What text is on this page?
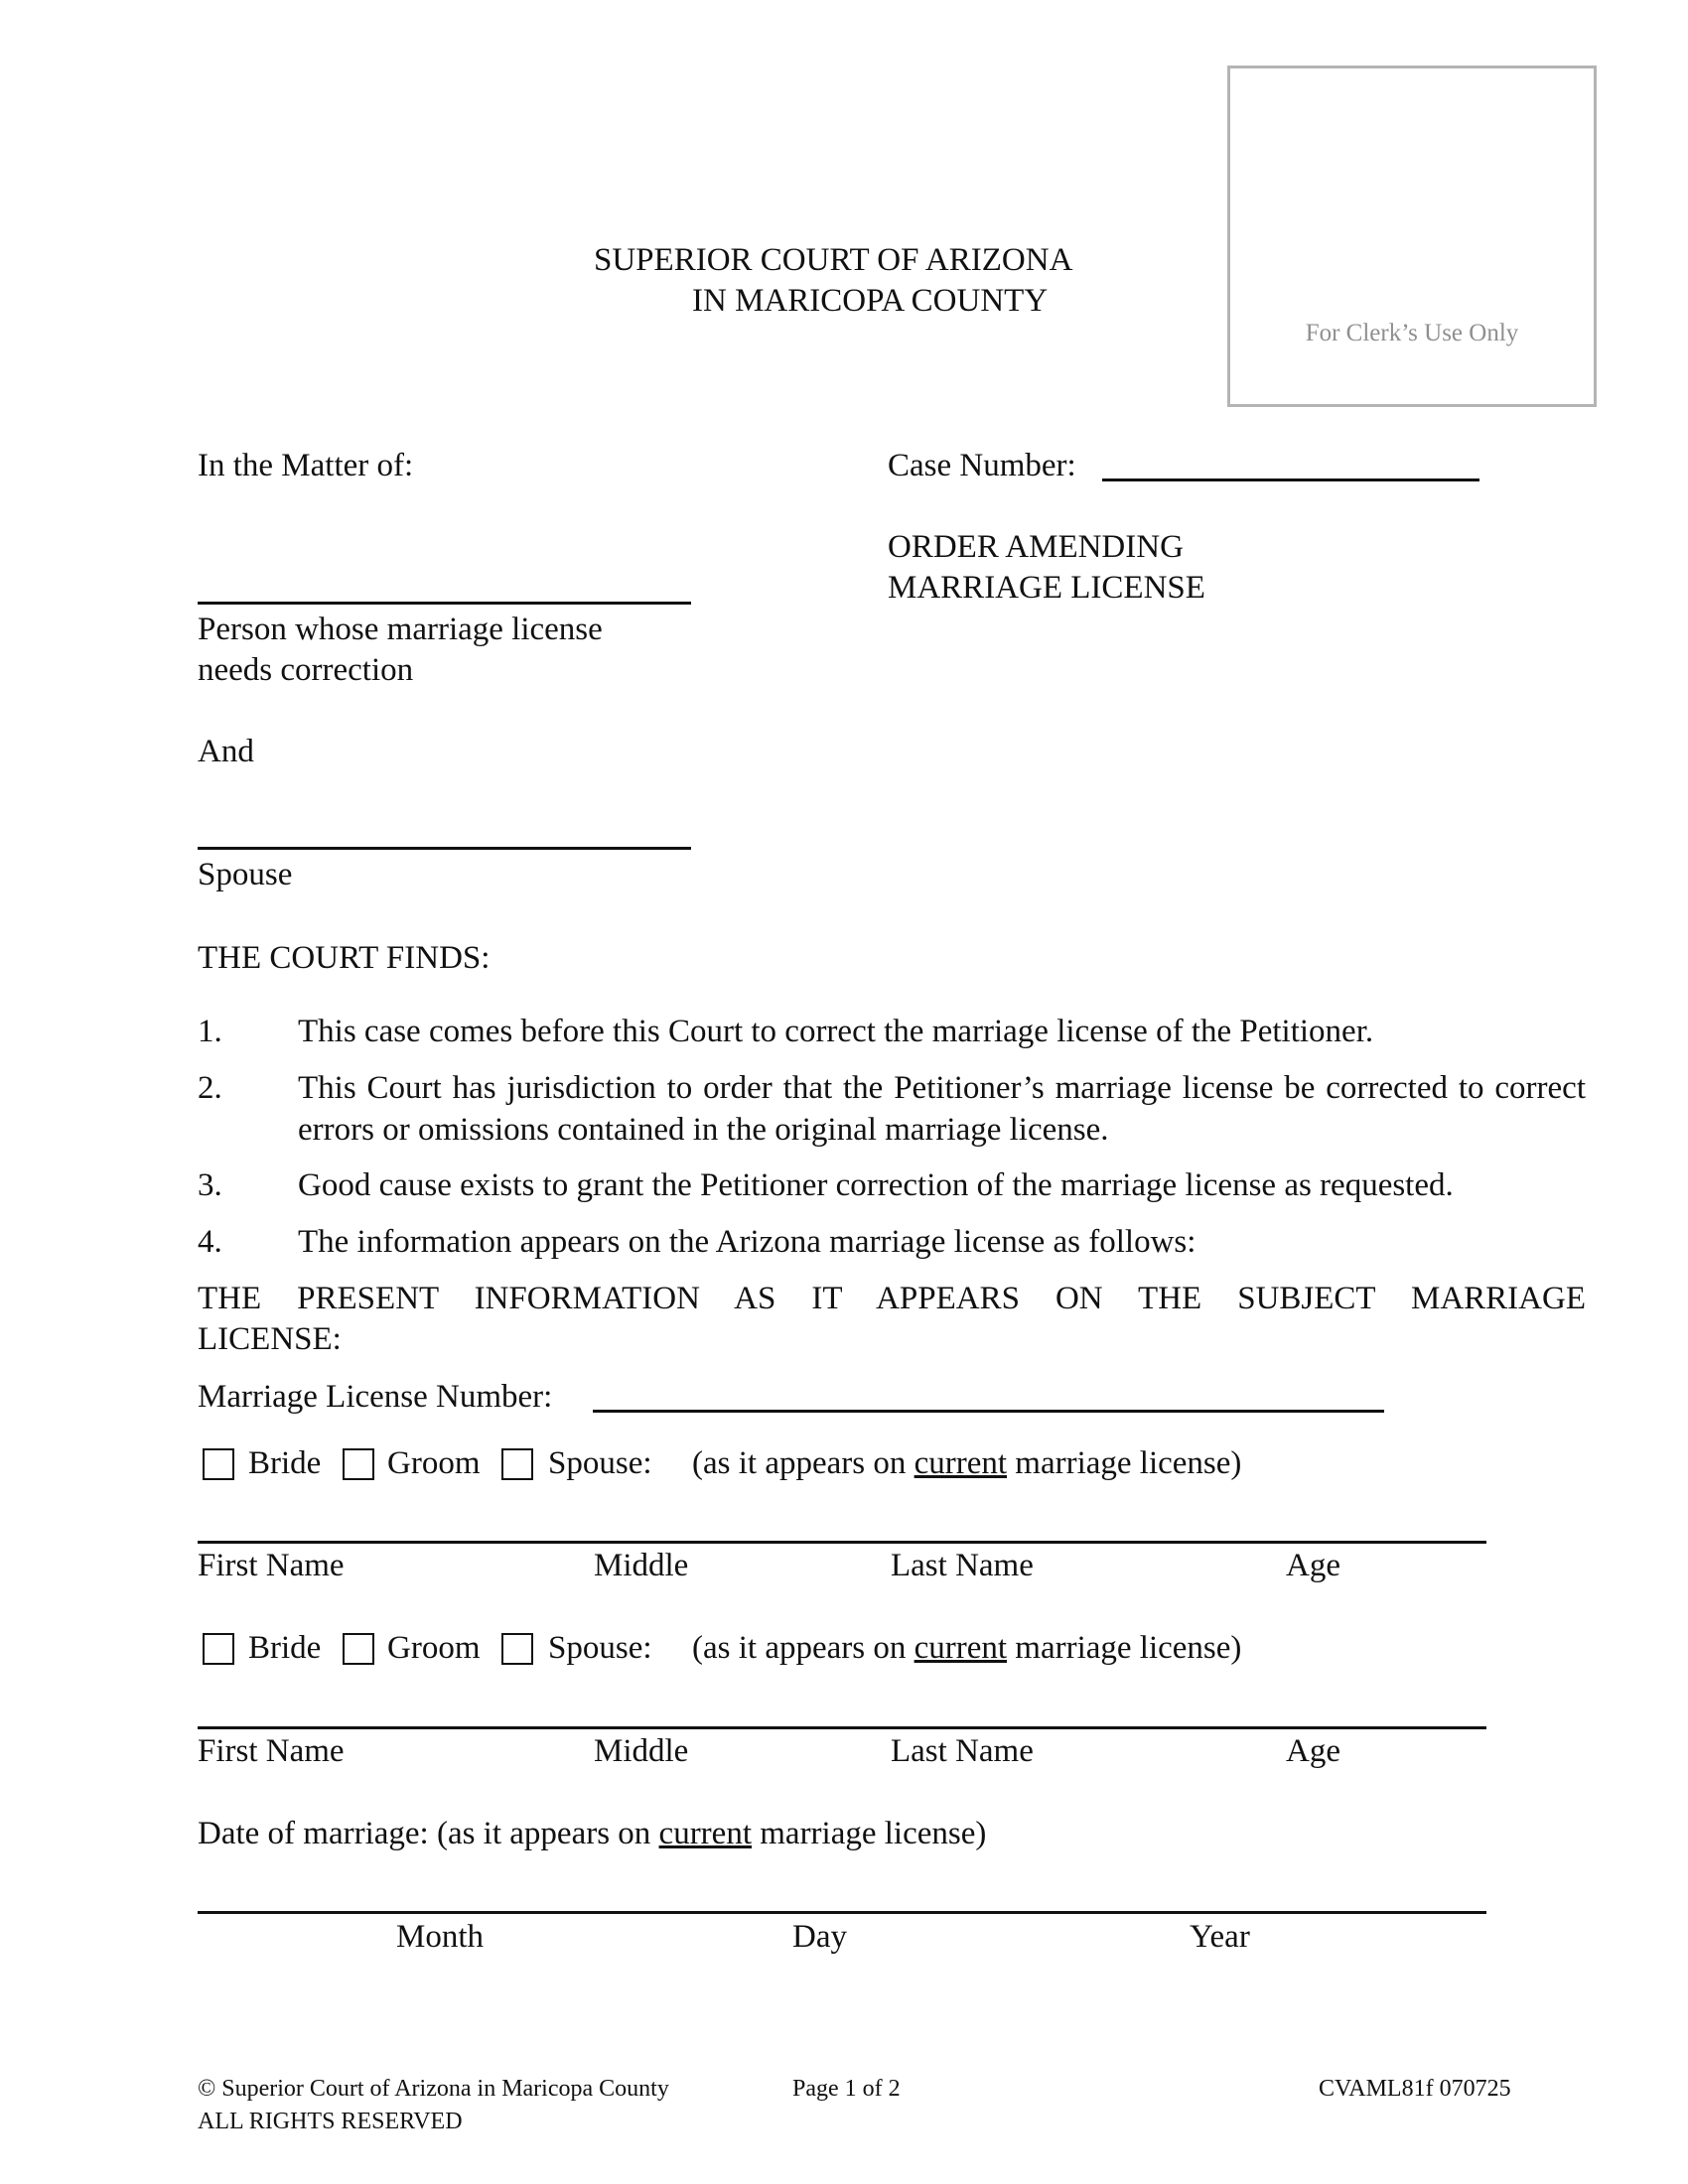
For Clerk’s Use Only
SUPERIOR COURT OF ARIZONA
IN MARICOPA COUNTY
In the Matter of:
Person whose marriage license
needs correction
And
Spouse
Case Number:
ORDER AMENDING
MARRIAGE LICENSE
THE COURT FINDS:
1. This case comes before this Court to correct the marriage license of the Petitioner.
2. This Court has jurisdiction to order that the Petitioner’s marriage license be corrected to correct errors or omissions contained in the original marriage license.
3. Good cause exists to grant the Petitioner correction of the marriage license as requested.
4. The information appears on the Arizona marriage license as follows:
THE PRESENT INFORMATION AS IT APPEARS ON THE SUBJECT MARRIAGE
LICENSE:
Marriage License Number:
Bride Groom Spouse: (as it appears on current marriage license)
First Name	Middle	Last Name	Age
Bride Groom Spouse: (as it appears on current marriage license)
First Name	Middle	Last Name	Age
Date of marriage: (as it appears on current marriage license)
Month	Day	Year
© Superior Court of Arizona in Maricopa County
ALL RIGHTS RESERVED
Page 1 of 2	CVAML81f 070725
